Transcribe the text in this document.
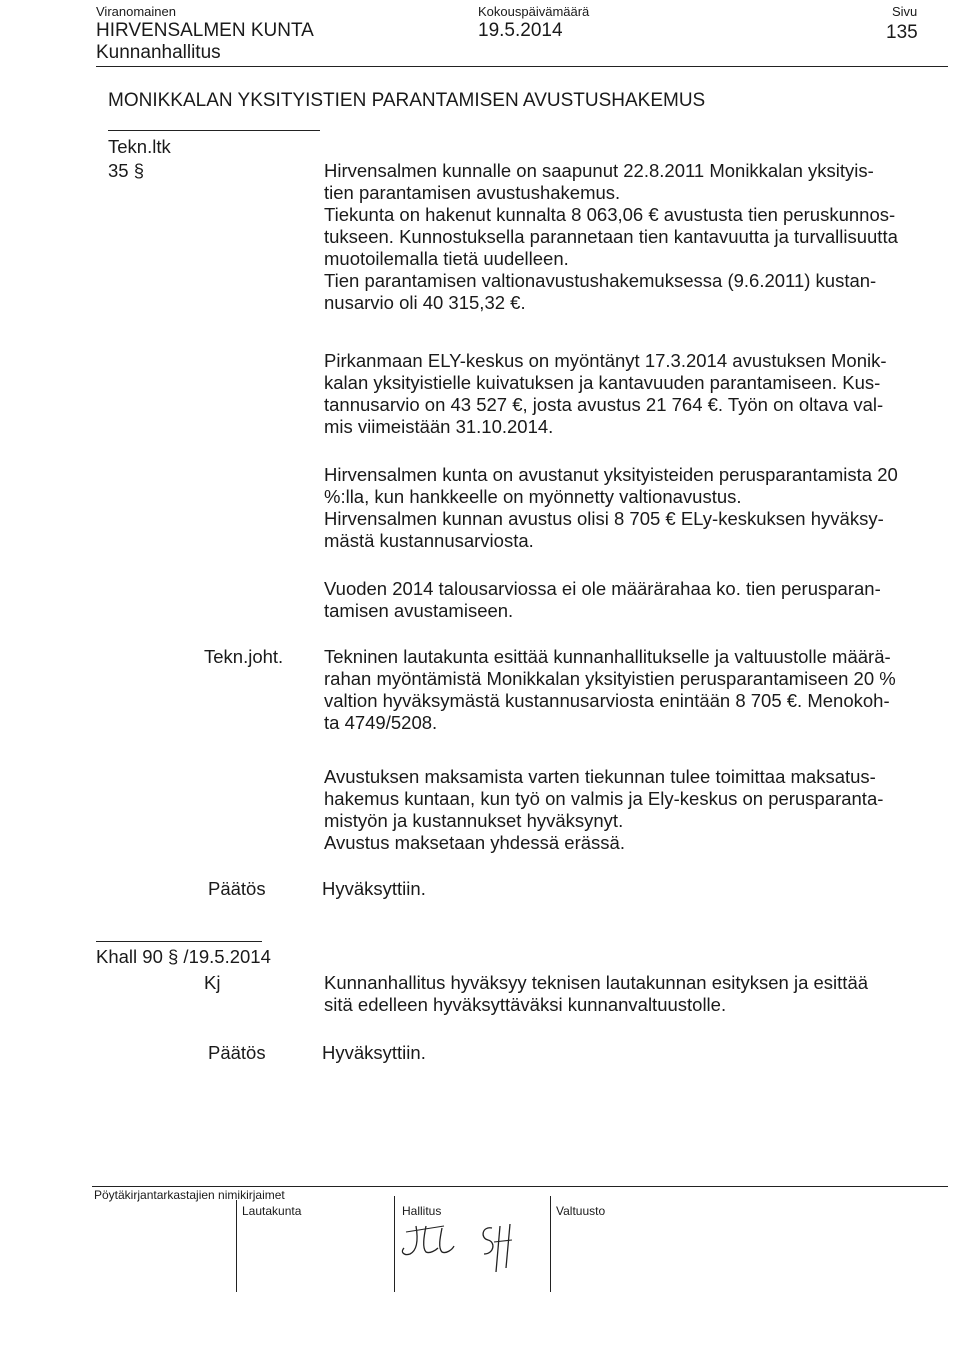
Viranomainen
HIRVENSALMEN KUNTA
Kunnanhallitus
Kokouspäivämäärä
19.5.2014
Sivu
135
MONIKKALAN YKSITYISTIEN PARANTAMISEN AVUSTUSHAKEMUS
Tekn.ltk
35 §	Hirvensalmen kunnalle on saapunut 22.8.2011 Monikkalan yksityis-
tien parantamisen avustushakemus.
Tiekunta on hakenut kunnalta 8 063,06 € avustusta tien peruskunnos-
tukseen. Kunnostuksella parannetaan tien kantavuutta ja turvallisuutta
muotoilemalla tietä uudelleen.
Tien parantamisen valtionavustushakemuksessa (9.6.2011) kustan-
nusarvio oli 40 315,32 €.
Pirkanmaan ELY-keskus on myöntänyt 17.3.2014 avustuksen Monik-
kalan yksityistielle kuivatuksen ja kantavuuden parantamiseen. Kus-
tannusarvio on 43 527 €, josta avustus 21 764 €. Työn on oltava val-
mis viimeistään 31.10.2014.
Hirvensalmen kunta on avustanut yksityisteiden perusparantamista 20
%:lla, kun hankkeelle on myönnetty valtionavustus.
Hirvensalmen kunnan avustus olisi 8 705 € ELy-keskuksen hyväksy-
mästä kustannusarviosta.
Vuoden 2014 talousarviossa ei ole määrärahaa ko. tien perusparan-
tamisen avustamiseen.
Tekn.joht. Tekninen lautakunta esittää kunnanhallitukselle ja valtuustolle määrä-
rahan myöntämistä Monikkalan yksityistien perusparantamiseen 20 %
valtion hyväksymästä kustannusarviosta enintään 8 705 €. Menokoh-
ta 4749/5208.
Avustuksen maksamista varten tiekunnan tulee toimittaa maksatus-
hakemus kuntaan, kun työ on valmis ja Ely-keskus on perusparanta-
mistyön ja kustannukset hyväksynyt.
Avustus maksetaan yhdessä erässä.
Päätös	Hyväksyttiin.
Khall 90 § /19.5.2014
Kj	Kunnanhallitus hyväksyy teknisen lautakunnan esityksen ja esittää
sitä edelleen hyväksyttäväksi kunnanvaltuustolle.
Päätös	Hyväksyttiin.
Pöytäkirjantarkastajien nimikirjaimet
Lautakunta	Hallitus	Valtuusto
